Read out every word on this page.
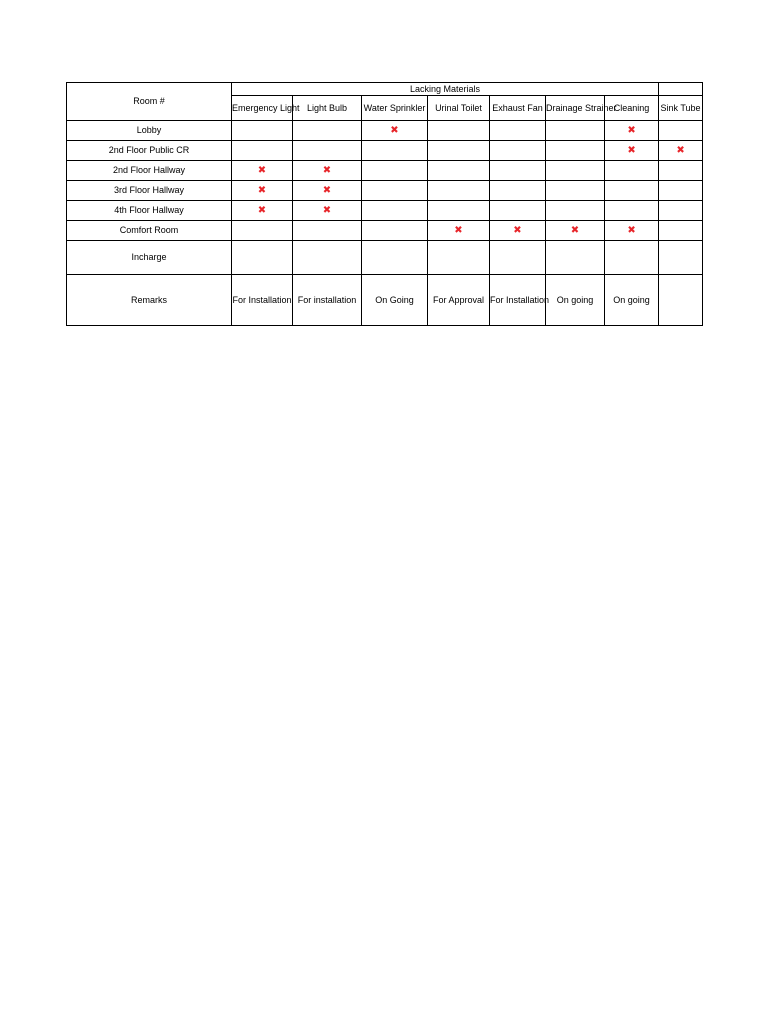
Room #	Lacking Materials							
	Emergency Light	Light Bulb	Water Sprinkler	Urinal Toilet	Exhaust Fan	Drainage Strainer	Cleaning	Sink Tube

Lobby			✖				✖	
2nd Floor Public CR							✖	✖
2nd Floor Hallway	✖	✖						
3rd Floor Hallway	✖	✖						
4th Floor Hallway	✖	✖						
Comfort Room				✖	✖	✖	✖	
Incharge								
Remarks	For Installation	For installation	On Going	For Approval	For Installation	On going	On going	
